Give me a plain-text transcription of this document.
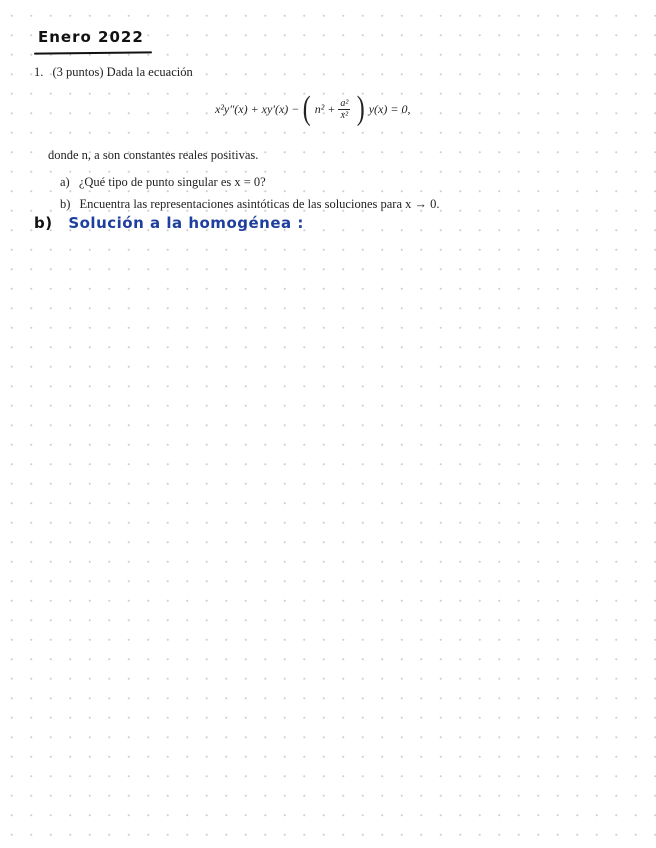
Enero 2022
1. (3 puntos) Dada la ecuación
x²y″(x) + xy′(x) − ( $n^2 + \frac{\text{a²}}{\text{x²}}$ ) y(x) = 0,
donde n, a son constantes reales positivas.
a) ¿Qué tipo de punto singular es x = 0?
b) Encuentra las representaciones asintóticas de las soluciones para x → 0.
b) Solución a la homogénea :
